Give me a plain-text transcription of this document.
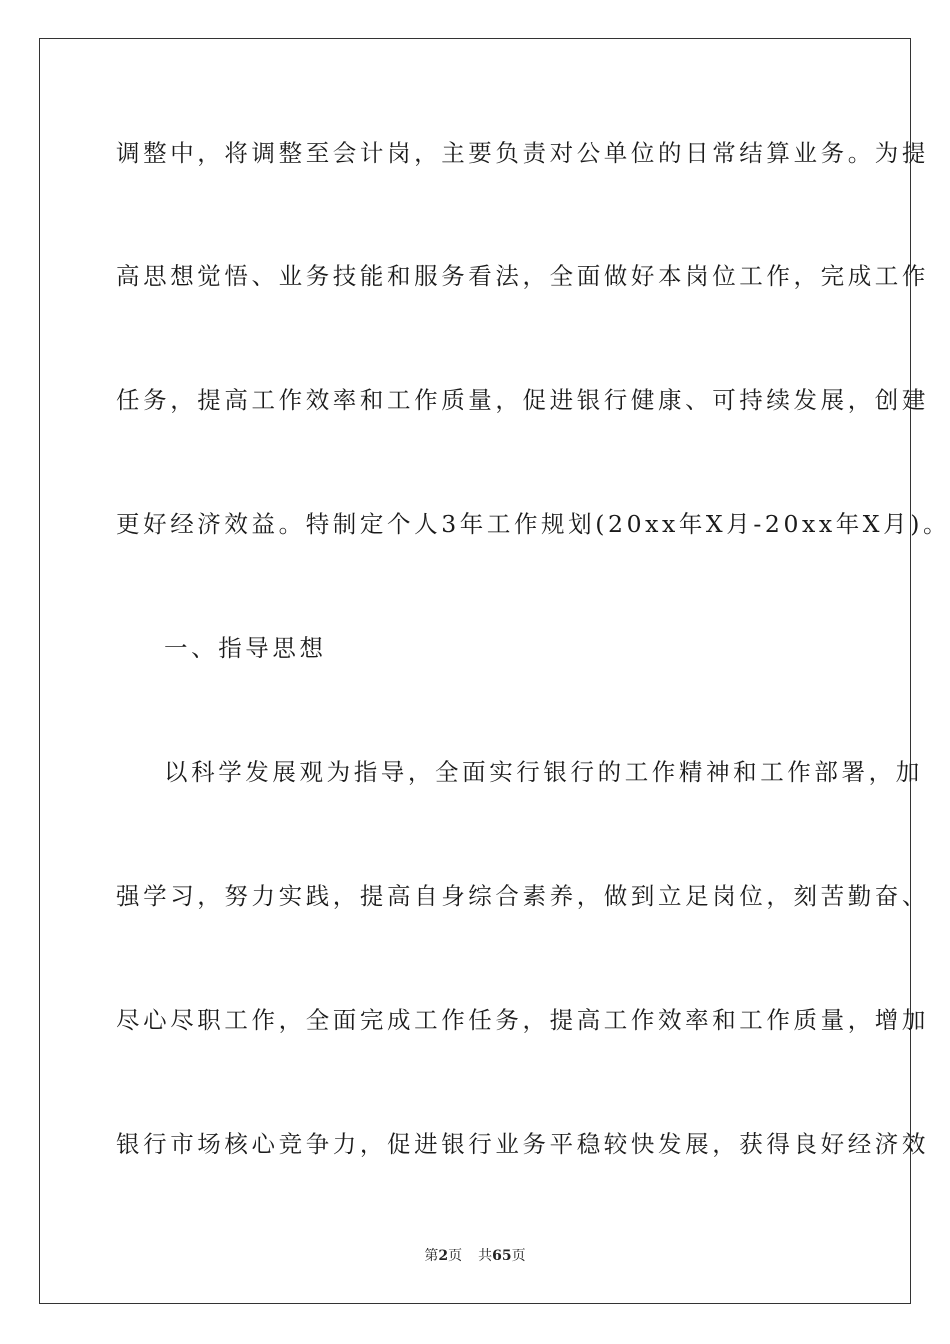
调整中，将调整至会计岗，主要负责对公单位的日常结算业务。为提
高思想觉悟、业务技能和服务看法，全面做好本岗位工作，完成工作
任务，提高工作效率和工作质量，促进银行健康、可持续发展，创建
更好经济效益。特制定个人3年工作规划(20xx年X月-20xx年X月)。
一、指导思想
以科学发展观为指导，全面实行银行的工作精神和工作部署，加
强学习，努力实践，提高自身综合素养，做到立足岗位，刻苦勤奋、
尽心尽职工作，全面完成工作任务，提高工作效率和工作质量，增加
银行市场核心竞争力，促进银行业务平稳较快发展，获得良好经济效
第2页 共65页
